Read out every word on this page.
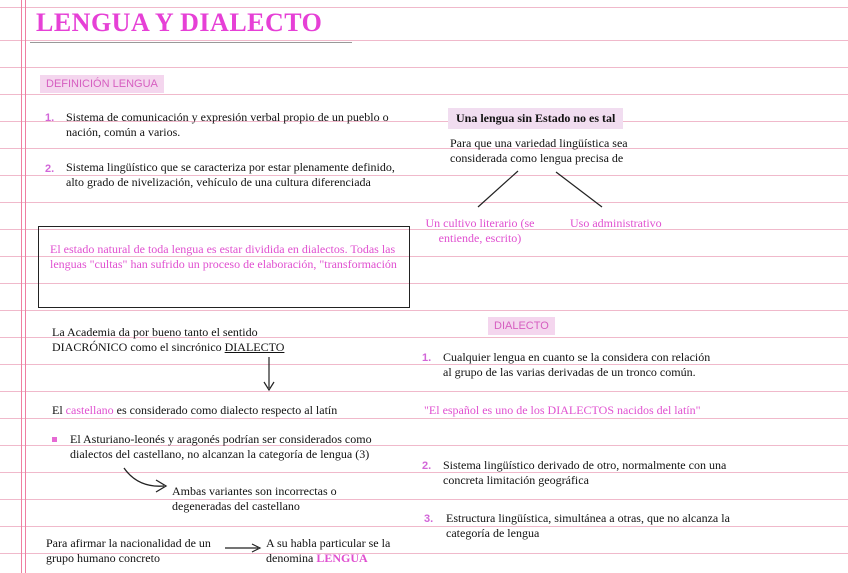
LENGUA Y DIALECTO
DEFINICIÓN LENGUA
1. Sistema de comunicación y expresión verbal propio de un pueblo o nación, común a varios.
2. Sistema lingüístico que se caracteriza por estar plenamente definido, alto grado de nivelización, vehículo de una cultura diferenciada
El estado natural de toda lengua es estar dividida en dialectos. Todas las lenguas "cultas" han sufrido un proceso de elaboración, "transformación
La Academia da por bueno tanto el sentido
DIACRÓNICO como el sincrónico DIALECTO
El castellano es considerado como dialecto respecto al latín
El Asturiano-leonés y aragonés podrían ser considerados como dialectos del castellano, no alcanzan la categoría de lengua (3)
Ambas variantes son incorrectas o degeneradas del castellano
Para afirmar la nacionalidad de un grupo humano concreto
A su habla particular se la denomina LENGUA
Una lengua sin Estado no es tal
Para que una variedad lingüística sea considerada como lengua precisa de
Un cultivo literario (se entiende, escrito)
Uso administrativo
DIALECTO
1. Cualquier lengua en cuanto se la considera con relación al grupo de las varias derivadas de un tronco común.
"El español es uno de los DIALECTOS nacidos del latín"
2. Sistema lingüístico derivado de otro, normalmente con una concreta limitación geográfica
3. Estructura lingüística, simultánea a otras, que no alcanza la categoría de lengua
